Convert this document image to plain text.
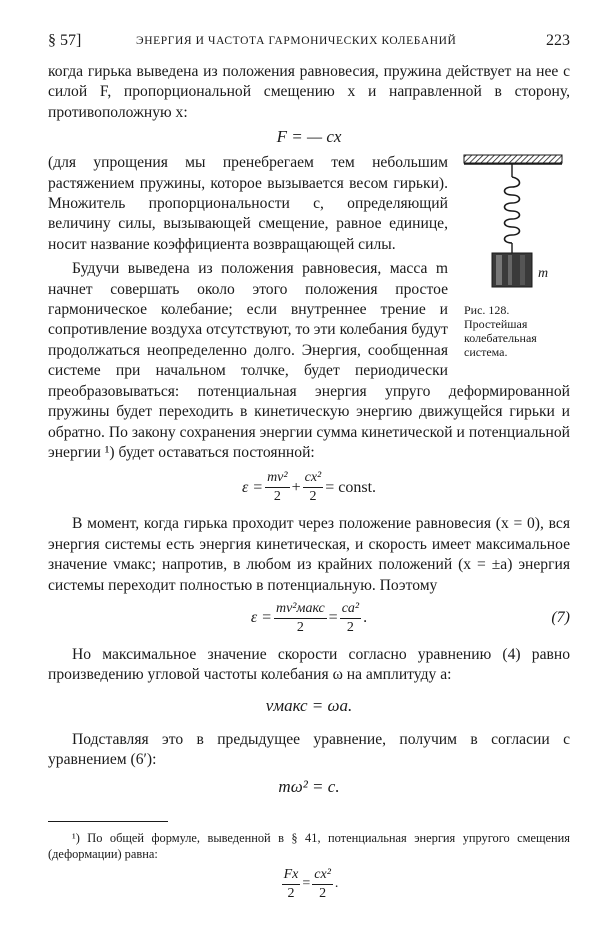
§ 57]	ЭНЕРГИЯ И ЧАСТОТА ГАРМОНИЧЕСКИХ КОЛЕБАНИЙ	223

когда гирька выведена из положения равновесия, пружина действует на нее с силой F, пропорциональной смещению x и направленной в сторону, противоположную x:

F = — cx
m
Рис. 128. Простейшая колебательная система.

(для упрощения мы пренебрегаем тем небольшим растяжением пружины, которое вызывается весом гирьки). Множитель пропорциональности c, определяющий величину силы, вызывающей смещение, равное единице, носит название коэффициента возвращающей силы.

Будучи выведена из положения равновесия, масса m начнет совершать около этого положения простое гармоническое колебание; если внутреннее трение и сопротивление воздуха отсутствуют, то эти колебания будут продолжаться неопределенно долго. Энергия, сообщенная системе при начальном толчке, будет периодически преобразовываться: потенциальная энергия упруго деформированной пружины будет переходить в кинетическую энергию движущейся гирьки и обратно. По закону сохранения энергии сумма кинетической и потенциальной энергии ¹) будет оставаться постоянной:

$\varepsilon = \frac{\text{mv²}}{2} + \frac{\text{cx²}}{2}$ = const.

В момент, когда гирька проходит через положение равновесия (x = 0), вся энергия системы есть энергия кинетическая, и скорость имеет максимальное значение vмакс; напротив, в любом из крайних положений (x = ±a) энергия системы переходит полностью в потенциальную. Поэтому

$\varepsilon = \frac{\text{mv²макс}}{2} = \frac{\text{ca²}}{2}$ .	(7)

Но максимальное значение скорости согласно уравнению (4) равно произведению угловой частоты колебания ω на амплитуду a:

vмакс = ωa.

Подставляя это в предыдущее уравнение, получим в согласии с уравнением (6′):

mω² = c.
¹) По общей формуле, выведенной в § 41, потенциальная энергия упругого смещения (деформации) равна:
$\frac{Fx}{2} = \frac{\text{cx²}}{2}$ .
